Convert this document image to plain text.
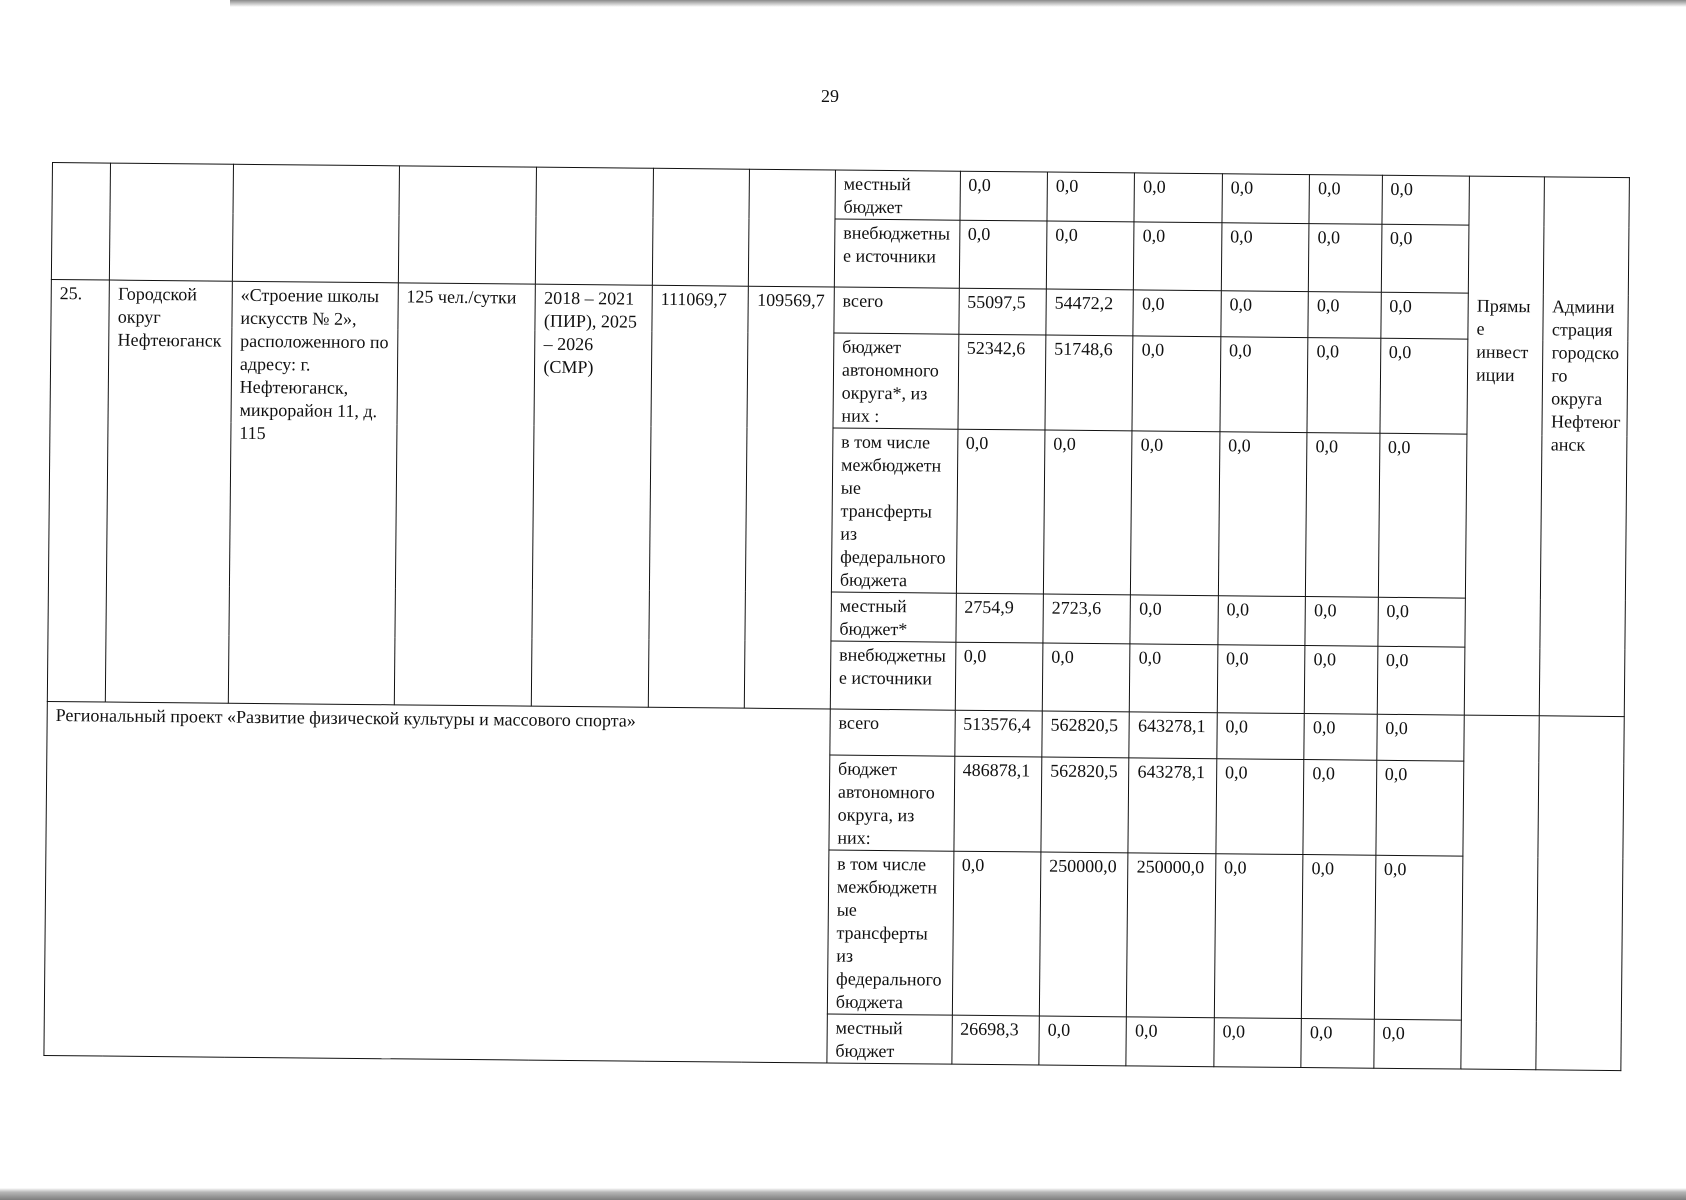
29
							местный бюджет	0,0	0,0	0,0	0,0	0,0	0,0	Прямые инвестиции	Администрация городского округа Нефтеюганск

							внебюджетные источники	0,0	0,0	0,0	0,0	0,0	0,0		
25.	Городской округ Нефтеюганск	«Строение школы искусств № 2», расположенного по адресу: г. Нефтеюганск, микрорайон 11, д. 115	125 чел./сутки	2018 – 2021 (ПИР), 2025 – 2026 (СМР)	111069,7	109569,7	всего	55097,5	54472,2	0,0	0,0	0,0	0,0		
							бюджет автономного округа*, из них :	52342,6	51748,6	0,0	0,0	0,0	0,0		
							в том числе межбюджетные трансферты из федерального бюджета	0,0	0,0	0,0	0,0	0,0	0,0		
							местный бюджет*	2754,9	2723,6	0,0	0,0	0,0	0,0		
							внебюджетные источники	0,0	0,0	0,0	0,0	0,0	0,0		
Региональный проект «Развитие физической культуры и массового спорта»							всего	513576,4	562820,5	643278,1	0,0	0,0	0,0		
							бюджет автономного округа, из них:	486878,1	562820,5	643278,1	0,0	0,0	0,0		
							в том числе межбюджетные трансферты из федерального бюджета	0,0	250000,0	250000,0	0,0	0,0	0,0		
							местный бюджет	26698,3	0,0	0,0	0,0	0,0	0,0		
